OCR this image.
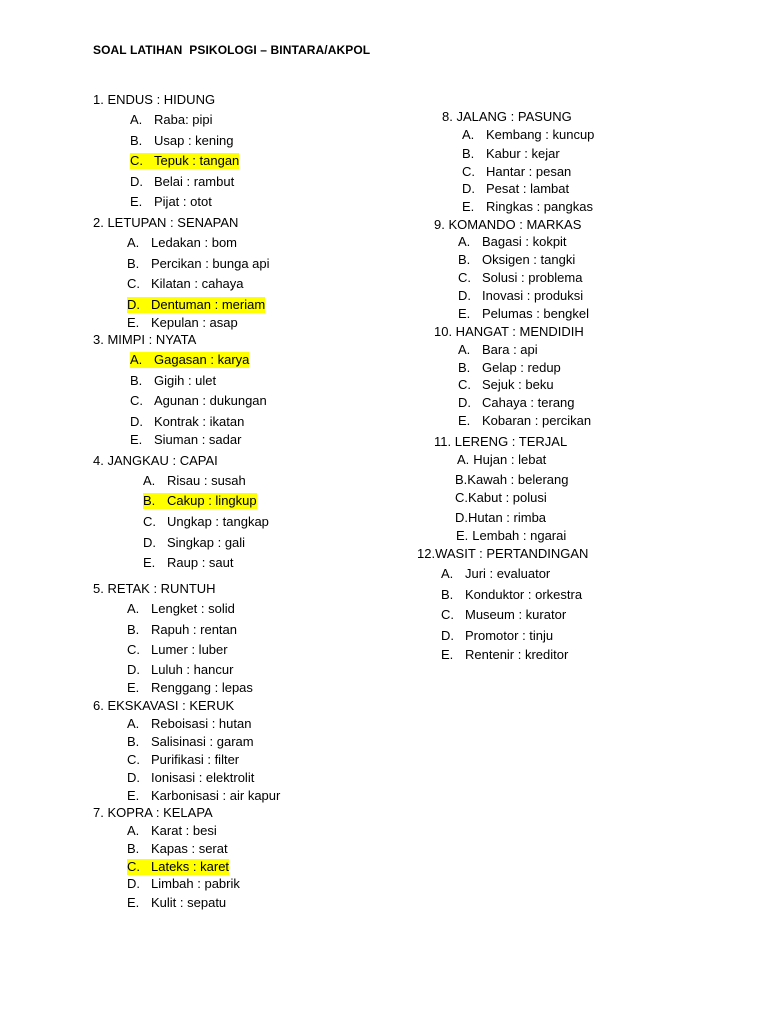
SOAL LATIHAN  PSIKOLOGI – BINTARA/AKPOL
1. ENDUS : HIDUNG
A. Raba: pipi
B. Usap : kening
C. Tepuk : tangan
D. Belai : rambut
E. Pijat : otot
2. LETUPAN : SENAPAN
A. Ledakan : bom
B. Percikan : bunga api
C. Kilatan : cahaya
D. Dentuman : meriam
E. Kepulan : asap
3. MIMPI : NYATA
A. Gagasan : karya
B. Gigih : ulet
C. Agunan : dukungan
D. Kontrak : ikatan
E. Siuman : sadar
4. JANGKAU : CAPAI
A. Risau : susah
B. Cakup : lingkup
C. Ungkap : tangkap
D. Singkap : gali
E. Raup : saut
5. RETAK : RUNTUH
A. Lengket : solid
B. Rapuh : rentan
C. Lumer : luber
D. Luluh : hancur
E. Renggang : lepas
6. EKSKAVASI : KERUK
A. Reboisasi : hutan
B. Salisinasi : garam
C. Purifikasi : filter
D. Ionisasi : elektrolit
E. Karbonisasi : air kapur
7. KOPRA : KELAPA
A. Karat : besi
B. Kapas : serat
C. Lateks : karet
D. Limbah : pabrik
E. Kulit : sepatu
8. JALANG : PASUNG
A. Kembang : kuncup
B. Kabur : kejar
C. Hantar : pesan
D. Pesat : lambat
E. Ringkas : pangkas
9. KOMANDO : MARKAS
A. Bagasi : kokpit
B. Oksigen : tangki
C. Solusi : problema
D. Inovasi : produksi
E. Pelumas : bengkel
10. HANGAT : MENDIDIH
A. Bara : api
B. Gelap : redup
C. Sejuk : beku
D. Cahaya : terang
E. Kobaran : percikan
11. LERENG : TERJAL
A. Hujan : lebat
B.Kawah : belerang
C.Kabut : polusi
D.Hutan : rimba
E. Lembah : ngarai
12.WASIT : PERTANDINGAN
A. Juri : evaluator
B. Konduktor : orkestra
C. Museum : kurator
D. Promotor : tinju
E. Rentenir : kreditor
